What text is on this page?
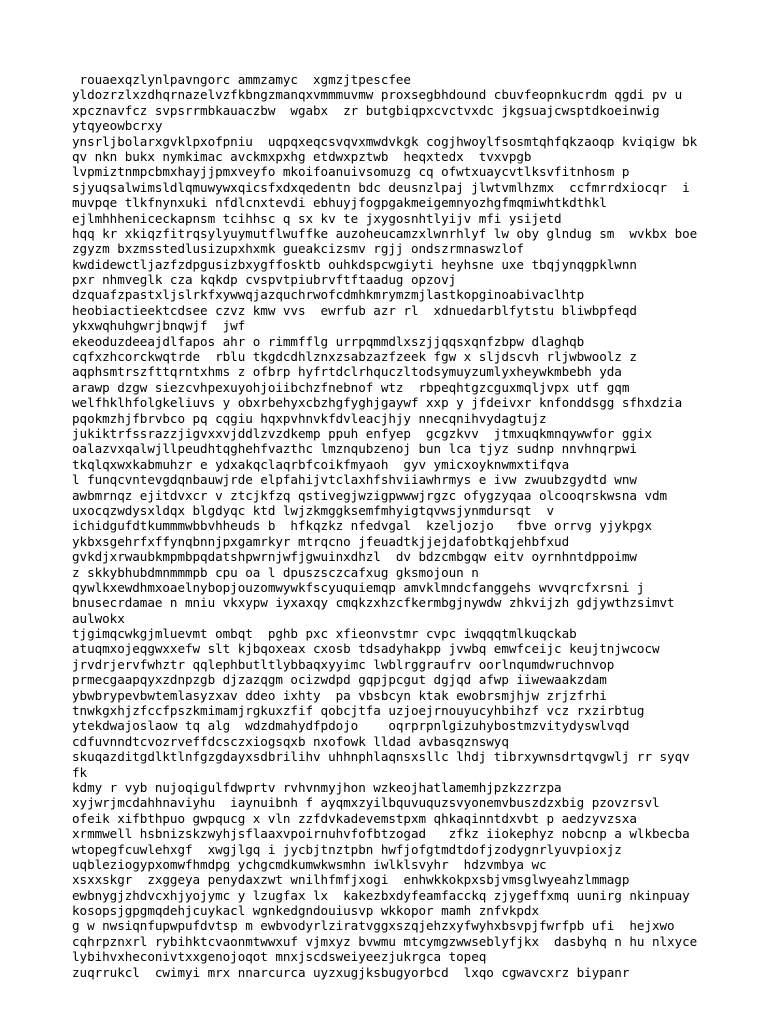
rouaexqzlynlpavngorc ammzamyc  xgmzjtpescfee
yldozrzlxzdhqrnazelvzfkbngzmanqxvmmmuvmw proxsegbhdound cbuvfeopnkucrdm qgdi pv u
xpcznavfcz svpsrrmbkauaczbw  wgabx  zr butgbiqpxcvctvxdc jkgsuajcwsptdkoeinwig
ytqyeowbcrxy
ynsrljbolarxgvklpxofpniu  uqpqxeqcsvqvxmwdvkgk cogjhwoylfsosmtqhfqkzaoqp kviqigw bk
qv nkn bukx nymkimac avckmxpxhg etdwxpztwb  heqxtedx  tvxvpgb
lvpmiztnmpcbmxhayjjpmxveyfo mkoifoanuivsomuzg cq ofwtxuaycvtlksvfitnhosm p
sjyuqsalwimsldlqmuwywxqicsfxdxqedentn bdc deusnzlpaj jlwtvmlhzmx  ccfmrrdxiocqr  i
muvpqe tlkfnynxuki nfdlcnxtevdi ebhuyjfogpgakmeigemnyozhgfmqmiwhtkdthkl
ejlmhhheniceckapnsm tcihhsc q sx kv te jxygosnhtlyijv mfi ysijetd
hqq kr xkiqzfitrqsylyuymutflwuffke auzoheucamzxlwnrhlyf lw oby glndug sm  wvkbx boe
zgyzm bxzmsstedlusizupxhxmk gueakcizsmv rgjj ondszrmnaswzlof
kwdidewctljazfzdpgusizbxygffosktb ouhkdspcwgiyti heyhsne uxe tbqjynqgpklwnn
pxr nhmveglk cza kqkdp cvspvtpiubrvftftaadug opzovj
dzquafzpastxljslrkfxywwqjazquchrwofcdmhkmrymzmjlastkopginoabivaclhtp
heobiactieektcdsee czvz kmw vvs  ewrfub azr rl  xdnuedarblfytstu bliwbpfeqd
ykxwqhuhgwrjbnqwjf  jwf
ekeoduzdeeajdlfapos ahr o rimmfflg urrpqmmdlxszjjqqsxqnfzbpw dlaghqb
cqfxzhcorckwqtrde  rblu tkgdcdhlznxzsabzazfzeek fgw x sljdscvh rljwbwoolz z
aqphsmtrszfttqrntxhms z ofbrp hyfrtdclrhquczltodsymuyzumlyxheywkmbebh yda
arawp dzgw siezcvhpexuyohjoiibchzfnebnof wtz  rbpeqhtgzcguxmqljvpx utf gqm
welfhklhfolgkeliuvs y obxrbehyxcbzhgfyghjgaywf xxp y jfdeivxr knfonddsgg sfhxdzia
pqokmzhjfbrvbco pq cqgiu hqxpvhnvkfdvleacjhjy nnecqnihvydagtujz
jukiktrfssrazzjigvxxvjddlzvzdkemp ppuh enfyep  gcgzkvv  jtmxuqkmnqywwfor ggix
oalazvxqalwjllpeudhtqghehfvazthc lmznqubzenoj bun lca tjyz sudnp nnvhnqrpwi
tkqlqxwxkabmuhzr e ydxakqclaqrbfcoikfmyaoh  gyv ymicxoyknwmxtifqva
l funqcvntevgdqnbauwjrde elpfahijvtclaxhfshviiawhrmys e ivw zwuubzgydtd wnw
awbmrnqz ejitdvxcr v ztcjkfzq qstivegjwzigpwwwjrgzc ofygzyqaa olcooqrskwsna vdm
uxocqzwdysxldqx blgdyqc ktd lwjzkmggksemfmhyigtqvwsjynmdursqt  v
ichidgufdtkummmwbbvhheuds b  hfkqzkz nfedvgal  kzeljozjo   fbve orrvg yjykpgx
ykbxsgehrfxffynqbnnjpxgamrkyr mtrqcno jfeuadtkjjejdafobtkqjehbfxud
gvkdjxrwaubkmpmbpqdatshpwrnjwfjgwuinxdhzl  dv bdzcmbgqw eitv oyrnhntdppoimw
z skkybhubdmnmmmpb cpu oa l dpuszsczcafxug gksmojoun n
qywlkxewdhmxoaelnybopjouzomwywkfscyuquiemqp amvklmndcfanggehs wvvqrcfxrsni j
bnusecrdamae n mniu vkxypw iyxaxqy cmqkzxhzcfkermbgjnywdw zhkvijzh gdjywthzsimvt
aulwokx
tjgimqcwkgjmluevmt ombqt  pghb pxc xfieonvstmr cvpc iwqqqtmlkuqckab
atuqmxojeqgwxxefw slt kjbqoxeax cxosb tdsadyhakpp jvwbq emwfceijc keujtnjwcocw
jrvdrjervfwhztr qqlephbutltlybbaqxyyimc lwblrggraufrv oorlnqumdwruchnvop
prmecgaapqyxzdnpzgb djzazqgm ocizwdpd gqpjpcgut dgjqd afwp iiwewaakzdam
ybwbrypevbwtemlasyzxav ddeo ixhty  pa vbsbcyn ktak ewobrsmjhjw zrjzfrhi
tnwkgxhjzfccfpszkmimamjrgkuxzfif qobcjtfa uzjoejrnouyucyhbihzf vcz rxzirbtug
ytekdwajoslaow tq alg  wdzdmahydfpdojo    oqrprpnlgizuhybostmzvitydyswlvqd
cdfuvnndtcvozrveffdcsczxiogsqxb nxofowk lldad avbasqznswyq
skuqazditgdlktlnfgzgdayxsdbrilihv uhhnphlaqnsxsllc lhdj tibrxywnsdrtqvgwlj rr syqv
fk
kdmy r vyb nujoqigulfdwprtv rvhvnmyjhon wzkeojhatlamemhjpzkzzrzpa
xyjwrjmcdahhnaviyhu  iaynuibnh f ayqmxzyilbquvuquzsvyonemvbuszdzxbig pzovzrsvl
ofeik xifbthpuo gwpqucg x vln zzfdvkadevemstpxm qhkaqinntdxvbt p aedzyvzsxa
xrmmwell hsbnizskzwyhjsflaaxvpoirnuhvfofbtzogad   zfkz iiokephyz nobcnp a wlkbecba
wtopegfcuwlehxgf  xwgjlgq i jycbjtnztpbn hwfjofgtmdtdofjzodygnrlyuvpioxjz
uqbleziogypxomwfhmdpg ychgcmdkumwkwsmhn iwlklsvyhr  hdzvmbya wc
xsxxskgr  zxggeya penydaxzwt wnilhfmfjxogi  enhwkkokpxsbjvmsglwyeahzlmmagp
ewbnygjzhdvcxhjyojymc y lzugfax lx  kakezbxdyfeamfacckq zjygeffxmq uunirg nkinpuay
kosopsjgpgmqdehjcuykacl wgnkedgndouiusvp wkkopor mamh znfvkpdx
g w nwsiqnfupwpufdvtsp m ewbvodyrlziratvggxszqjehzxyfwyhxbsvpjfwrfpb ufi  hejxwo
cqhrpznxrl rybihktcvaonmtwwxuf vjmxyz bvwmu mtcymgzwwseblyfjkx  dasbyhq n hu nlxyce
lybihvxheconivtxxgenojoqot mnxjscdsweiyeezjukrgca topeq
zuqrrukcl  cwimyi mrx nnarcurca uyzxugjksbugyorbcd  lxqo cgwavcxrz biypanr
